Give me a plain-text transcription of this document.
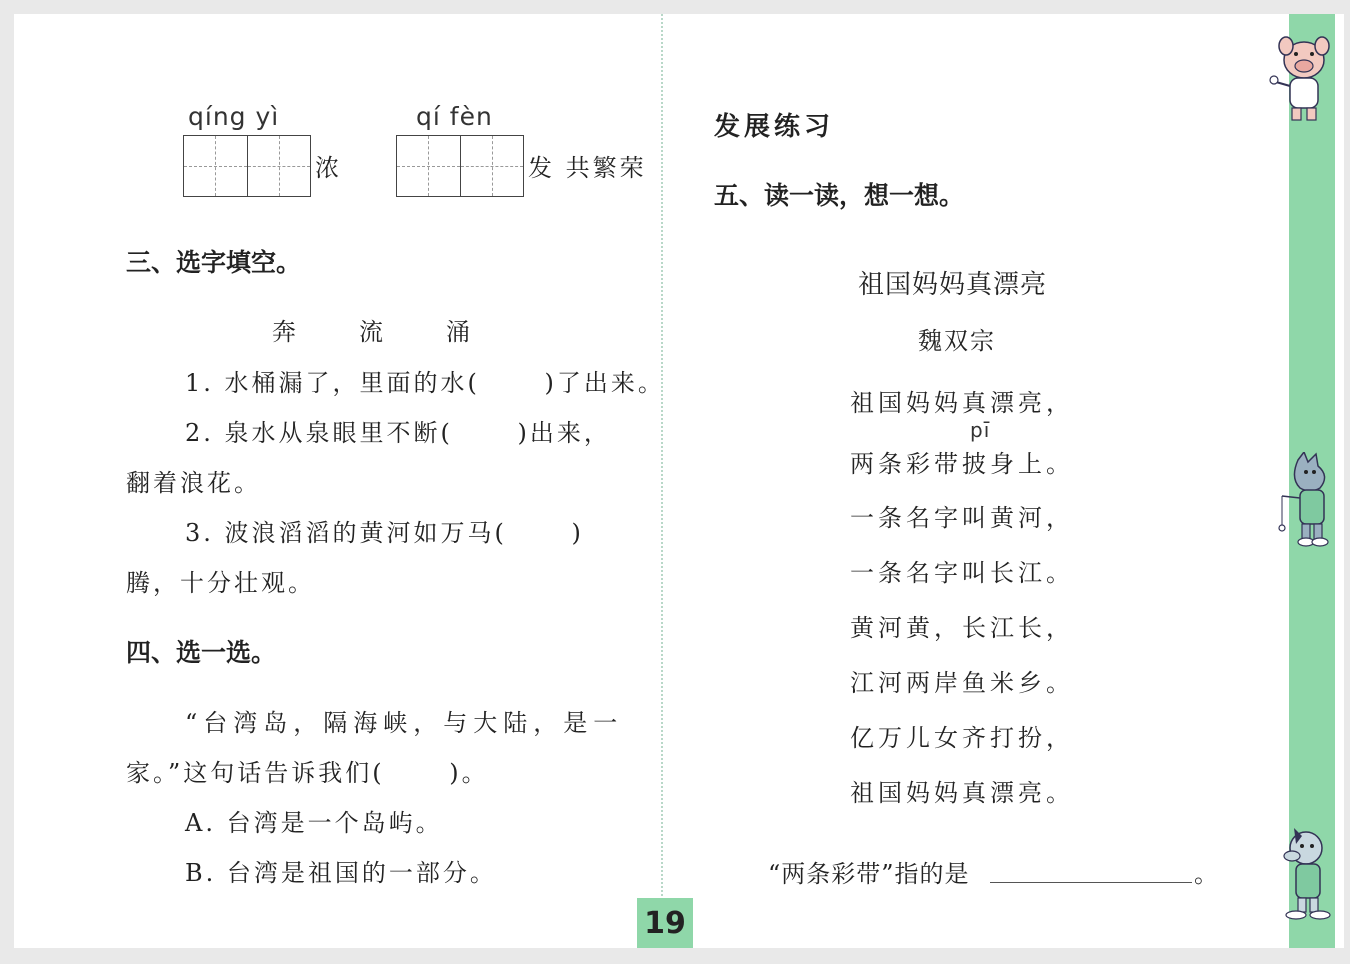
qíng yì
浓
qí fèn
发 共繁荣
三、选字填空。
奔	流	涌
1. 水桶漏了，里面的水(　　 )了出来。
2. 泉水从泉眼里不断(　　 )出来，
翻着浪花。
3. 波浪滔滔的黄河如万马(　　 )
腾，十分壮观。
四、选一选。
“台湾岛，隔海峡，与大陆，是一
家。”这句话告诉我们(　　 )。
A. 台湾是一个岛屿。
B. 台湾是祖国的一部分。
发展练习
五、读一读，想一想。
祖国妈妈真漂亮
魏双宗
祖国妈妈真漂亮，
pī
两条彩带披身上。
一条名字叫黄河，
一条名字叫长江。
黄河黄，长江长，
江河两岸鱼米乡。
亿万儿女齐打扮，
祖国妈妈真漂亮。
“两条彩带”指的是	。
19
